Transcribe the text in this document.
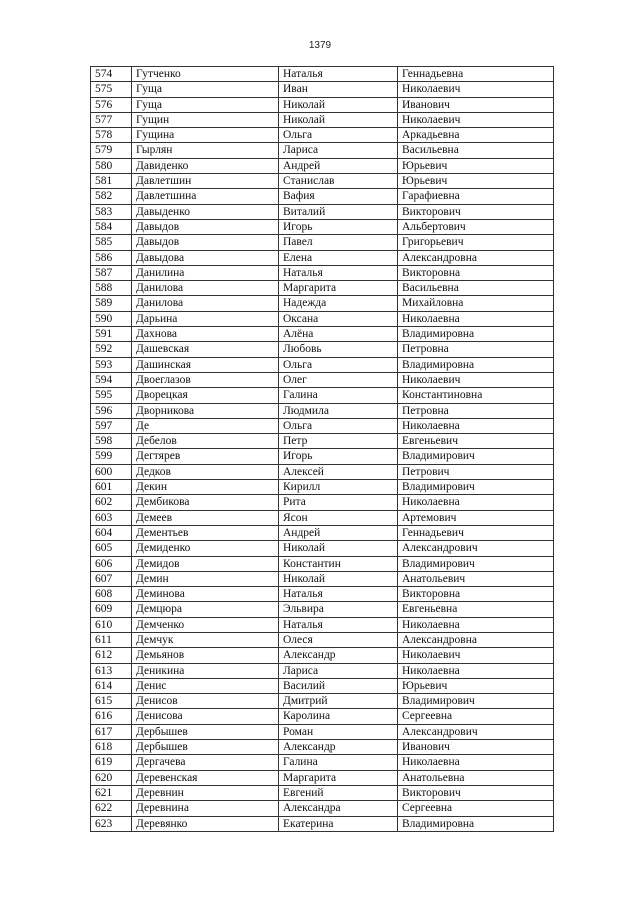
1379
574	Гутченко	Наталья	Геннадьевна
575	Гуща	Иван	Николаевич
576	Гуща	Николай	Иванович
577	Гущин	Николай	Николаевич
578	Гущина	Ольга	Аркадьевна
579	Гырлян	Лариса	Васильевна
580	Давиденко	Андрей	Юрьевич
581	Давлетшин	Станислав	Юрьевич
582	Давлетшина	Вафия	Гарафиевна
583	Давыденко	Виталий	Викторович
584	Давыдов	Игорь	Альбертович
585	Давыдов	Павел	Григорьевич
586	Давыдова	Елена	Александровна
587	Данилина	Наталья	Викторовна
588	Данилова	Маргарита	Васильевна
589	Данилова	Надежда	Михайловна
590	Дарьина	Оксана	Николаевна
591	Дахнова	Алёна	Владимировна
592	Дашевская	Любовь	Петровна
593	Дашинская	Ольга	Владимировна
594	Двоеглазов	Олег	Николаевич
595	Дворецкая	Галина	Константиновна
596	Дворникова	Людмила	Петровна
597	Де	Ольга	Николаевна
598	Дебелов	Петр	Евгеньевич
599	Дегтярев	Игорь	Владимирович
600	Дедков	Алексей	Петрович
601	Декин	Кирилл	Владимирович
602	Дембикова	Рита	Николаевна
603	Демеев	Ясон	Артемович
604	Дементьев	Андрей	Геннадьевич
605	Демиденко	Николай	Александрович
606	Демидов	Константин	Владимирович
607	Демин	Николай	Анатольевич
608	Деминова	Наталья	Викторовна
609	Демцюра	Эльвира	Евгеньевна
610	Демченко	Наталья	Николаевна
611	Демчук	Олеся	Александровна
612	Демьянов	Александр	Николаевич
613	Деникина	Лариса	Николаевна
614	Денис	Василий	Юрьевич
615	Денисов	Дмитрий	Владимирович
616	Денисова	Каролина	Сергеевна
617	Дербышев	Роман	Александрович
618	Дербышев	Александр	Иванович
619	Дергачева	Галина	Николаевна
620	Деревенская	Маргарита	Анатольевна
621	Деревнин	Евгений	Викторович
622	Деревнина	Александра	Сергеевна
623	Деревянко	Екатерина	Владимировна
